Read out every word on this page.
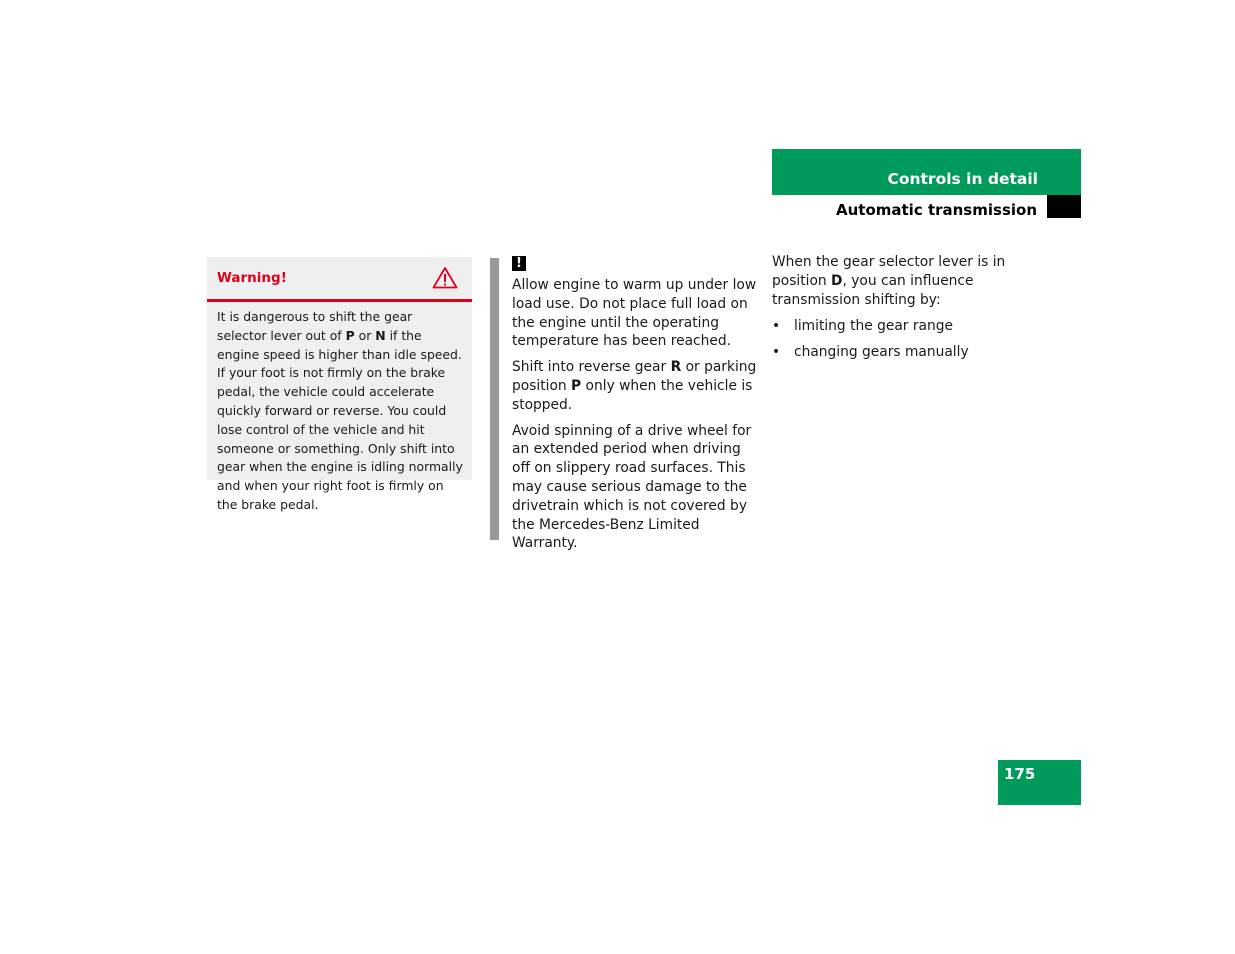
Controls in detail
Automatic transmission
Warning!
It is dangerous to shift the gear selector lever out of P or N if the engine speed is higher than idle speed. If your foot is not firmly on the brake pedal, the vehicle could accelerate quickly forward or reverse. You could lose control of the vehicle and hit someone or something. Only shift into gear when the engine is idling normally and when your right foot is firmly on the brake pedal.
!

Allow engine to warm up under low load use. Do not place full load on the engine until the operating temperature has been reached.

Shift into reverse gear R or parking position P only when the vehicle is stopped.

Avoid spinning of a drive wheel for an extended period when driving off on slippery road surfaces. This may cause serious damage to the drivetrain which is not covered by the Mercedes-Benz Limited Warranty.

When the gear selector lever is in position D, you can influence transmission shifting by:

• limiting the gear range
• changing gears manually
175
